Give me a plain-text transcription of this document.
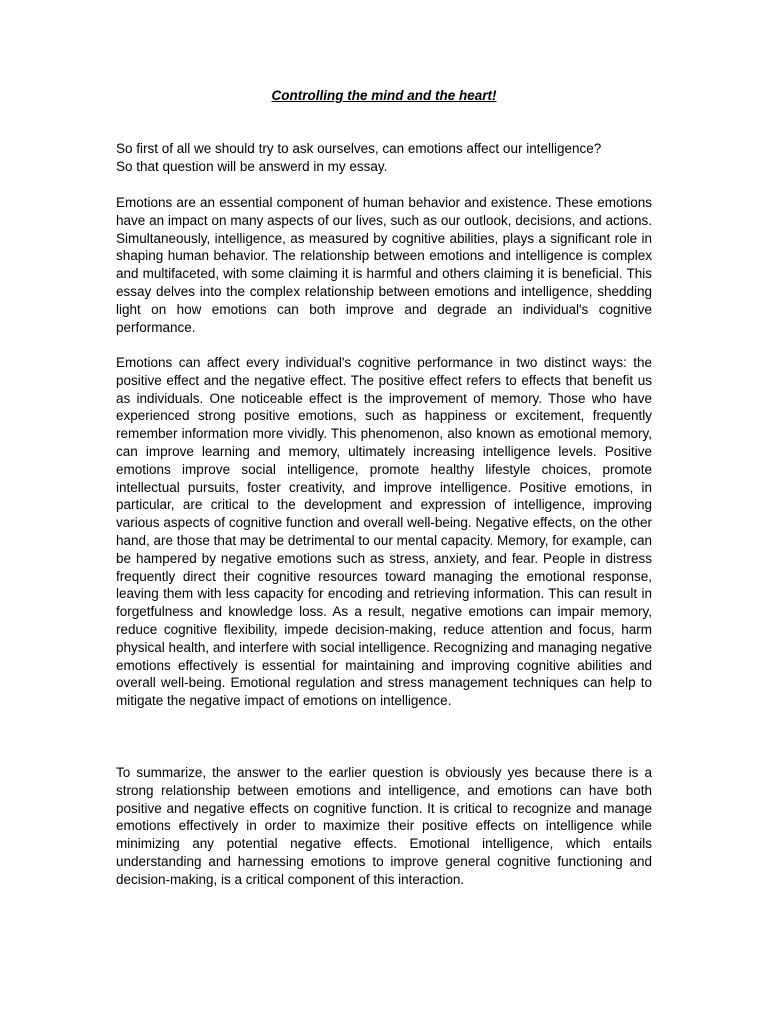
Controlling the mind and the heart!

So first of all we should try to ask ourselves, can emotions affect our intelligence?
So that question will be answerd in my essay.

Emotions are an essential component of human behavior and existence. These emotions have an impact on many aspects of our lives, such as our outlook, decisions, and actions. Simultaneously, intelligence, as measured by cognitive abilities, plays a significant role in shaping human behavior. The relationship between emotions and intelligence is complex and multifaceted, with some claiming it is harmful and others claiming it is beneficial. This essay delves into the complex relationship between emotions and intelligence, shedding light on how emotions can both improve and degrade an individual's cognitive performance.

Emotions can affect every individual's cognitive performance in two distinct ways: the positive effect and the negative effect. The positive effect refers to effects that benefit us as individuals. One noticeable effect is the improvement of memory. Those who have experienced strong positive emotions, such as happiness or excitement, frequently remember information more vividly. This phenomenon, also known as emotional memory, can improve learning and memory, ultimately increasing intelligence levels. Positive emotions improve social intelligence, promote healthy lifestyle choices, promote intellectual pursuits, foster creativity, and improve intelligence. Positive emotions, in particular, are critical to the development and expression of intelligence, improving various aspects of cognitive function and overall well-being. Negative effects, on the other hand, are those that may be detrimental to our mental capacity. Memory, for example, can be hampered by negative emotions such as stress, anxiety, and fear. People in distress frequently direct their cognitive resources toward managing the emotional response, leaving them with less capacity for encoding and retrieving information. This can result in forgetfulness and knowledge loss. As a result, negative emotions can impair memory, reduce cognitive flexibility, impede decision-making, reduce attention and focus, harm physical health, and interfere with social intelligence. Recognizing and managing negative emotions effectively is essential for maintaining and improving cognitive abilities and overall well-being. Emotional regulation and stress management techniques can help to mitigate the negative impact of emotions on intelligence.

To summarize, the answer to the earlier question is obviously yes because there is a strong relationship between emotions and intelligence, and emotions can have both positive and negative effects on cognitive function. It is critical to recognize and manage emotions effectively in order to maximize their positive effects on intelligence while minimizing any potential negative effects. Emotional intelligence, which entails understanding and harnessing emotions to improve general cognitive functioning and decision-making, is a critical component of this interaction.
